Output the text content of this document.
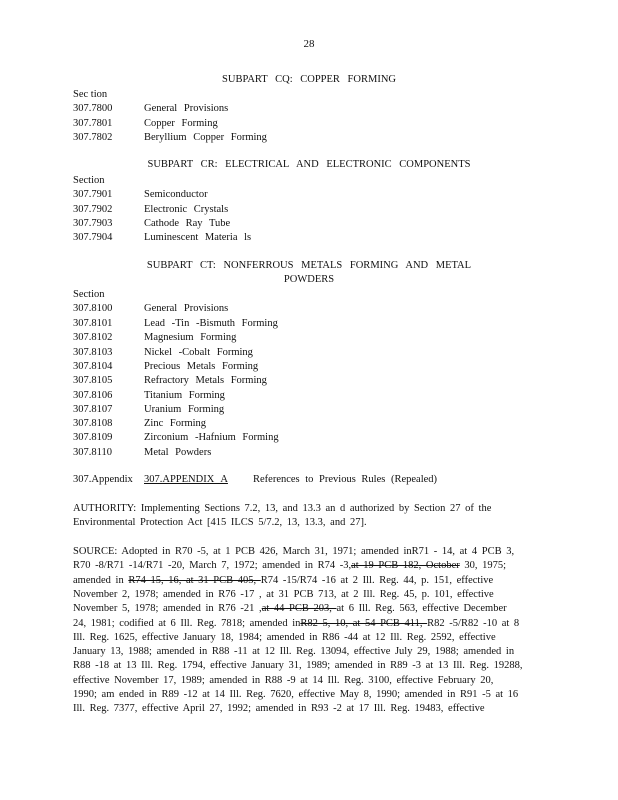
28
SUBPART CQ: COPPER FORMING
Sec tion
307.7800	General Provisions
307.7801	Copper Forming
307.7802	Beryllium Copper Forming
SUBPART CR: ELECTRICAL AND ELECTRONIC COMPONENTS
Section
307.7901	Semiconductor
307.7902	Electronic Crystals
307.7903	Cathode Ray Tube
307.7904	Luminescent Materia ls
SUBPART CT: NONFERROUS METALS FORMING AND METAL
POWDERS
Section
307.8100	General Provisions
307.8101	Lead -Tin -Bismuth Forming
307.8102	Magnesium Forming
307.8103	Nickel -Cobalt Forming
307.8104	Precious Metals Forming
307.8105	Refractory Metals Forming
307.8106	Titanium Forming
307.8107	Uranium Forming
307.8108	Zinc Forming
307.8109	Zirconium -Hafnium Forming
307.8110	Metal Powders
307.Appendix 307.APPENDIX A References to Previous Rules (Repealed)
AUTHORITY: Implementing Sections 7.2, 13, and 13.3 an d authorized by Section 27 of the
Environmental Protection Act [415 ILCS 5/7.2, 13, 13.3, and 27].
SOURCE: Adopted in R70 -5, at 1 PCB 426, March 31, 1971; amended inR71 - 14, at 4 PCB 3,
R70 -8/R71 -14/R71 -20, March 7, 1972; amended in R74 -3,at 19 PCB 182, October 30, 1975;
amended in R74 15, 16, at 31 PCB 405, R74 -15/R74 -16 at 2 Ill. Reg. 44, p. 151, effective
November 2, 1978; amended in R76 -17 , at 31 PCB 713, at 2 Ill. Reg. 45, p. 101, effective
November 5, 1978; amended in R76 -21 ,at 44 PCB 203, at 6 Ill. Reg. 563, effective December
24, 1981; codified at 6 Ill. Reg. 7818; amended inR82 5, 10, at 54 PCB 411, R82 -5/R82 -10 at 8
Ill. Reg. 1625, effective January 18, 1984; amended in R86 -44 at 12 Ill. Reg. 2592, effective
January 13, 1988; amended in R88 -11 at 12 Ill. Reg. 13094, effective July 29, 1988; amended in
R88 -18 at 13 Ill. Reg. 1794, effective January 31, 1989; amended in R89 -3 at 13 Ill. Reg. 19288,
effective November 17, 1989; amended in R88 -9 at 14 Ill. Reg. 3100, effective February 20,
1990; am ended in R89 -12 at 14 Ill. Reg. 7620, effective May 8, 1990; amended in R91 -5 at 16
Ill. Reg. 7377, effective April 27, 1992; amended in R93 -2 at 17 Ill. Reg. 19483, effective
